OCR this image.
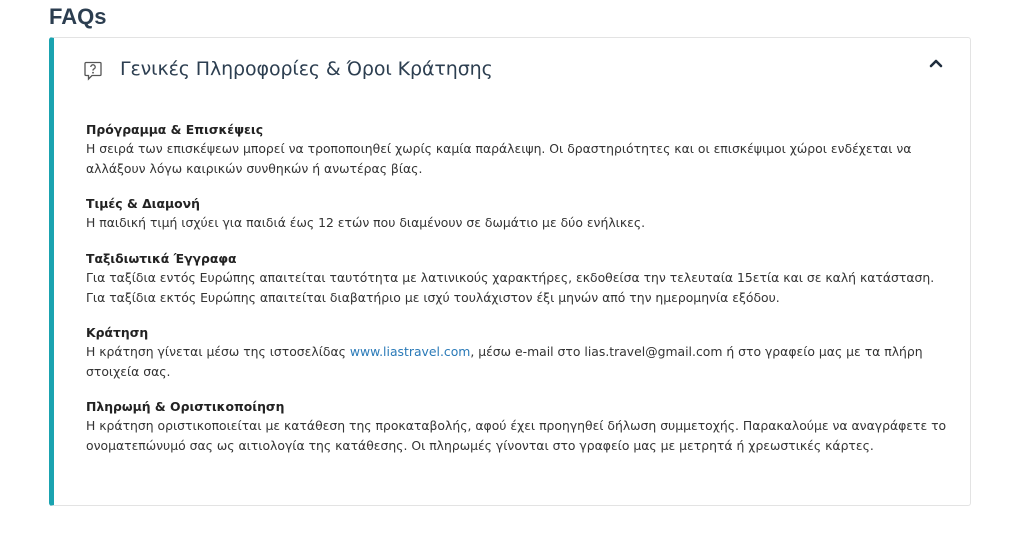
FAQs
Γενικές Πληροφορίες & Όροι Κράτησης
Πρόγραμμα & Επισκέψεις
Η σειρά των επισκέψεων μπορεί να τροποποιηθεί χωρίς καμία παράλειψη. Οι δραστηριότητες και οι επισκέψιμοι χώροι ενδέχεται να αλλάξουν λόγω καιρικών συνθηκών ή ανωτέρας βίας.
Τιμές & Διαμονή
Η παιδική τιμή ισχύει για παιδιά έως 12 ετών που διαμένουν σε δωμάτιο με δύο ενήλικες.
Ταξιδιωτικά Έγγραφα
Για ταξίδια εντός Ευρώπης απαιτείται ταυτότητα με λατινικούς χαρακτήρες, εκδοθείσα την τελευταία 15ετία και σε καλή κατάσταση. Για ταξίδια εκτός Ευρώπης απαιτείται διαβατήριο με ισχύ τουλάχιστον έξι μηνών από την ημερομηνία εξόδου.
Κράτηση
Η κράτηση γίνεται μέσω της ιστοσελίδας www.liastravel.com, μέσω e-mail στο lias.travel@gmail.com ή στο γραφείο μας με τα πλήρη στοιχεία σας.
Πληρωμή & Οριστικοποίηση
Η κράτηση οριστικοποιείται με κατάθεση της προκαταβολής, αφού έχει προηγηθεί δήλωση συμμετοχής. Παρακαλούμε να αναγράφετε το ονοματεπώνυμό σας ως αιτιολογία της κατάθεσης. Οι πληρωμές γίνονται στο γραφείο μας με μετρητά ή χρεωστικές κάρτες.
